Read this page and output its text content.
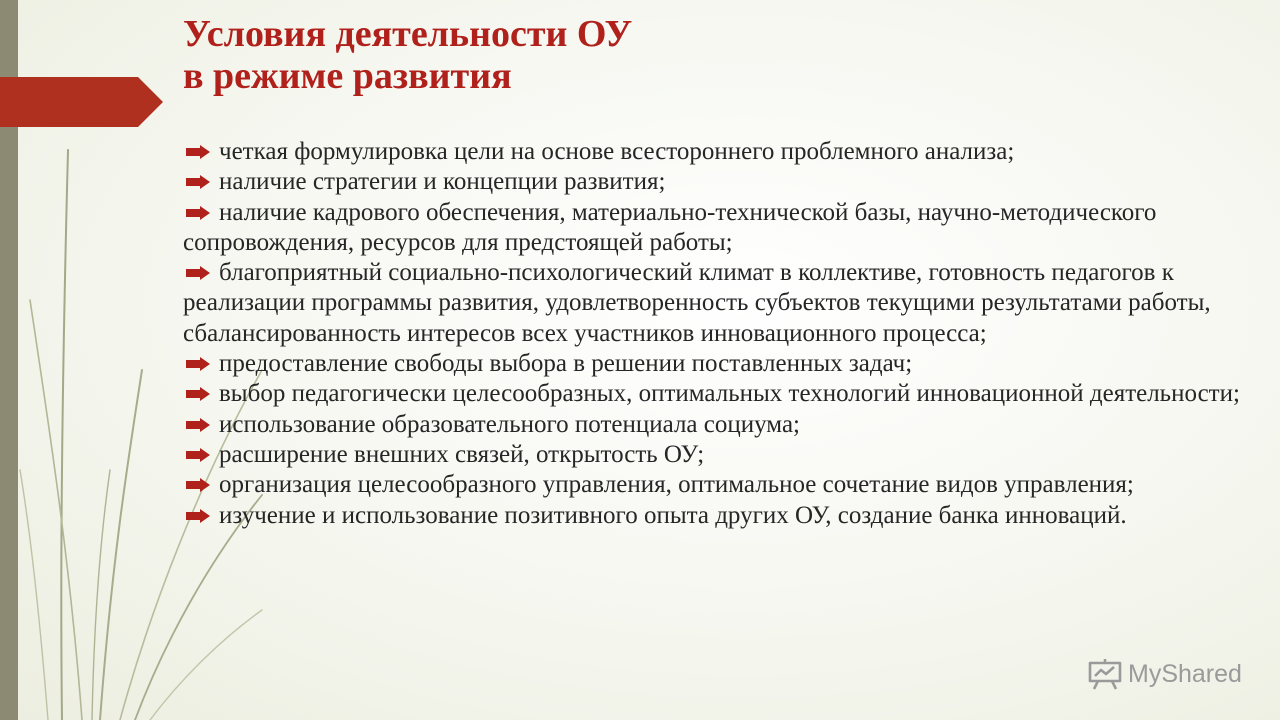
Условия деятельности ОУ
в режиме развития
четкая формулировка цели на основе всестороннего проблемного анализа;
наличие стратегии и концепции развития;
наличие кадрового обеспечения, материально-технической базы, научно-методического сопровождения, ресурсов для предстоящей работы;
благоприятный социально-психологический климат в коллективе, готовность педагогов к реализации программы развития, удовлетворенность субъектов текущими результатами работы, сбалансированность интересов всех участников инновационного процесса;
предоставление свободы выбора в решении поставленных задач;
выбор педагогически целесообразных, оптимальных технологий инновационной деятельности;
использование образовательного потенциала социума;
расширение внешних связей, открытость ОУ;
организация целесообразного управления, оптимальное сочетание видов управления;
изучение и использование позитивного опыта других ОУ, создание банка инноваций.
MyShared
